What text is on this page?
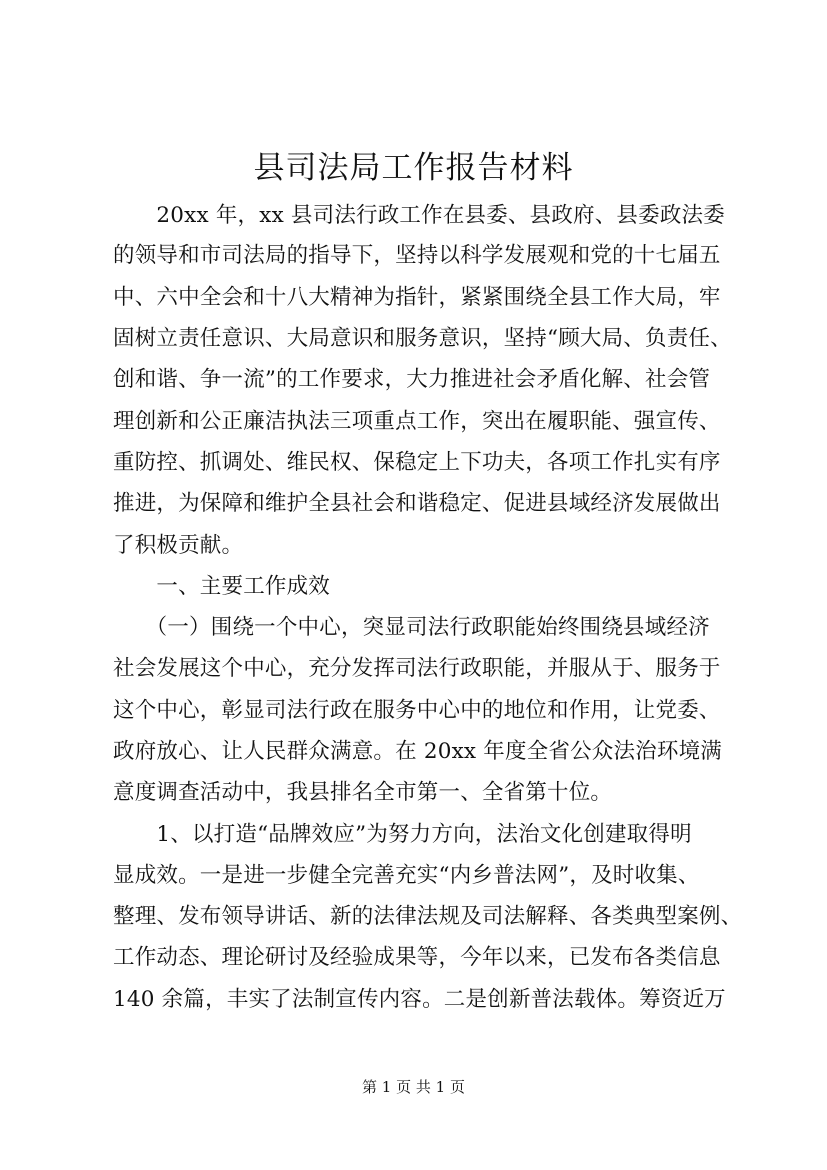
县司法局工作报告材料
　　20xx 年，xx 县司法行政工作在县委、县政府、县委政法委
的领导和市司法局的指导下，坚持以科学发展观和党的十七届五
中、六中全会和十八大精神为指针，紧紧围绕全县工作大局，牢
固树立责任意识、大局意识和服务意识，坚持“顾大局、负责任、
创和谐、争一流”的工作要求，大力推进社会矛盾化解、社会管
理创新和公正廉洁执法三项重点工作，突出在履职能、强宣传、
重防控、抓调处、维民权、保稳定上下功夫，各项工作扎实有序
推进，为保障和维护全县社会和谐稳定、促进县域经济发展做出
了积极贡献。
　　一、主要工作成效
　　（一）围绕一个中心，突显司法行政职能始终围绕县域经济
社会发展这个中心，充分发挥司法行政职能，并服从于、服务于
这个中心，彰显司法行政在服务中心中的地位和作用，让党委、
政府放心、让人民群众满意。在 20xx 年度全省公众法治环境满
意度调查活动中，我县排名全市第一、全省第十位。
　　1、以打造“品牌效应”为努力方向，法治文化创建取得明
显成效。一是进一步健全完善充实“内乡普法网”，及时收集、
整理、发布领导讲话、新的法律法规及司法解释、各类典型案例、
工作动态、理论研讨及经验成果等，今年以来，已发布各类信息
140 余篇，丰实了法制宣传内容。二是创新普法载体。筹资近万
第 1 页 共 1 页
